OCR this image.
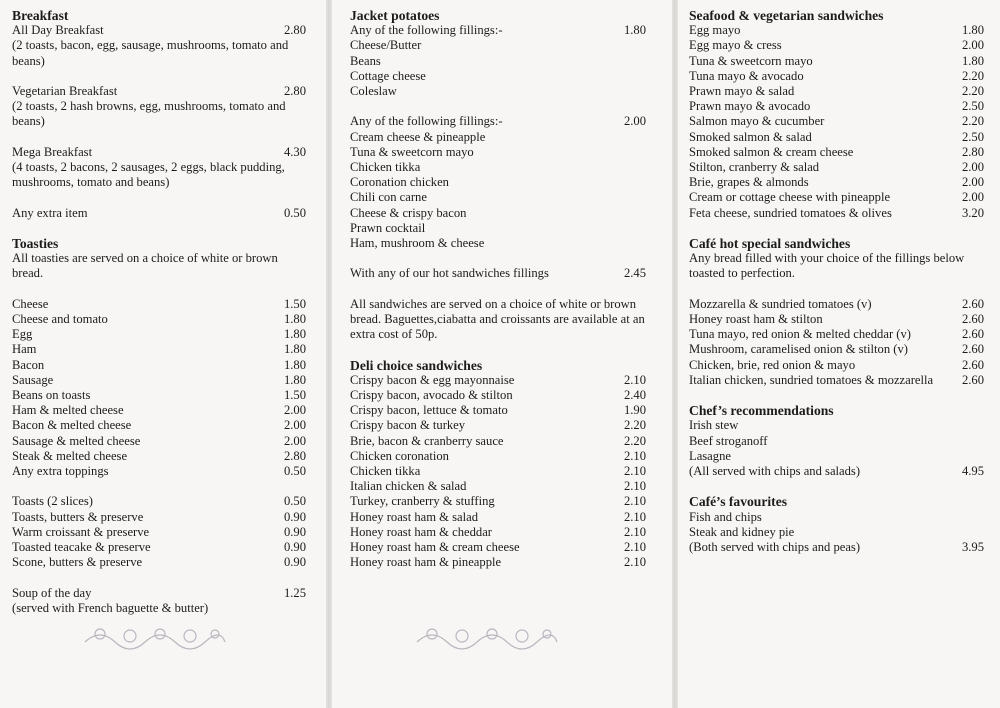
Breakfast

All Day Breakfast	2.80

(2 toasts, bacon, egg, sausage, mushrooms, tomato and beans)

Vegetarian Breakfast	2.80

(2 toasts, 2 hash browns, egg, mushrooms, tomato and beans)

Mega Breakfast	4.30

(4 toasts, 2 bacons, 2 sausages, 2 eggs, black pudding, mushrooms, tomato and beans)

Any extra item	0.50

Toasties

All toasties are served on a choice of white or brown bread.

Cheese	1.50
Cheese and tomato	1.80
Egg	1.80
Ham	1.80
Bacon	1.80
Sausage	1.80
Beans on toasts	1.50
Ham & melted cheese	2.00
Bacon & melted cheese	2.00
Sausage & melted cheese	2.00
Steak & melted cheese	2.80
Any extra toppings	0.50
Toasts (2 slices)	0.50
Toasts, butters & preserve	0.90
Warm croissant & preserve	0.90
Toasted teacake & preserve	0.90
Scone, butters & preserve	0.90
Soup of the day	1.25

(served with French baguette & butter)

Jacket potatoes

Any of the following fillings:-	1.80

Cheese/Butter

Beans

Cottage cheese

Coleslaw

Any of the following fillings:-	2.00

Cream cheese & pineapple

Tuna & sweetcorn mayo

Chicken tikka

Coronation chicken

Chili con carne

Cheese & crispy bacon

Prawn cocktail

Ham, mushroom & cheese

With any of our hot sandwiches fillings	2.45

All sandwiches are served on a choice of white or brown bread. Baguettes,ciabatta and croissants are available at an extra cost of 50p.

Deli choice sandwiches

Crispy bacon & egg mayonnaise	2.10
Crispy bacon, avocado & stilton	2.40
Crispy bacon, lettuce & tomato	1.90
Crispy bacon & turkey	2.20
Brie, bacon & cranberry sauce	2.20
Chicken coronation	2.10
Chicken tikka	2.10
Italian chicken & salad	2.10
Turkey, cranberry & stuffing	2.10
Honey roast ham & salad	2.10
Honey roast ham & cheddar	2.10
Honey roast ham & cream cheese	2.10
Honey roast ham & pineapple	2.10

Seafood & vegetarian sandwiches

Egg mayo	1.80
Egg mayo & cress	2.00
Tuna & sweetcorn mayo	1.80
Tuna mayo & avocado	2.20
Prawn mayo & salad	2.20
Prawn mayo & avocado	2.50
Salmon mayo & cucumber	2.20
Smoked salmon & salad	2.50
Smoked salmon & cream cheese	2.80
Stilton, cranberry & salad	2.00
Brie, grapes & almonds	2.00
Cream or cottage cheese with pineapple	2.00
Feta cheese, sundried tomatoes & olives	3.20

Café hot special sandwiches

Any bread filled with your choice of the fillings below toasted to perfection.

Mozzarella & sundried tomatoes (v)	2.60
Honey roast ham & stilton	2.60
Tuna mayo, red onion & melted cheddar (v)	2.60
Mushroom, caramelised onion & stilton (v)	2.60
Chicken, brie, red onion & mayo	2.60
Italian chicken, sundried tomatoes & mozzarella	2.60

Chef’s recommendations

Irish stew

Beef stroganoff

Lasagne

(All served with chips and salads)	4.95

Café’s favourites

Fish and chips

Steak and kidney pie

(Both served with chips and peas)	3.95
